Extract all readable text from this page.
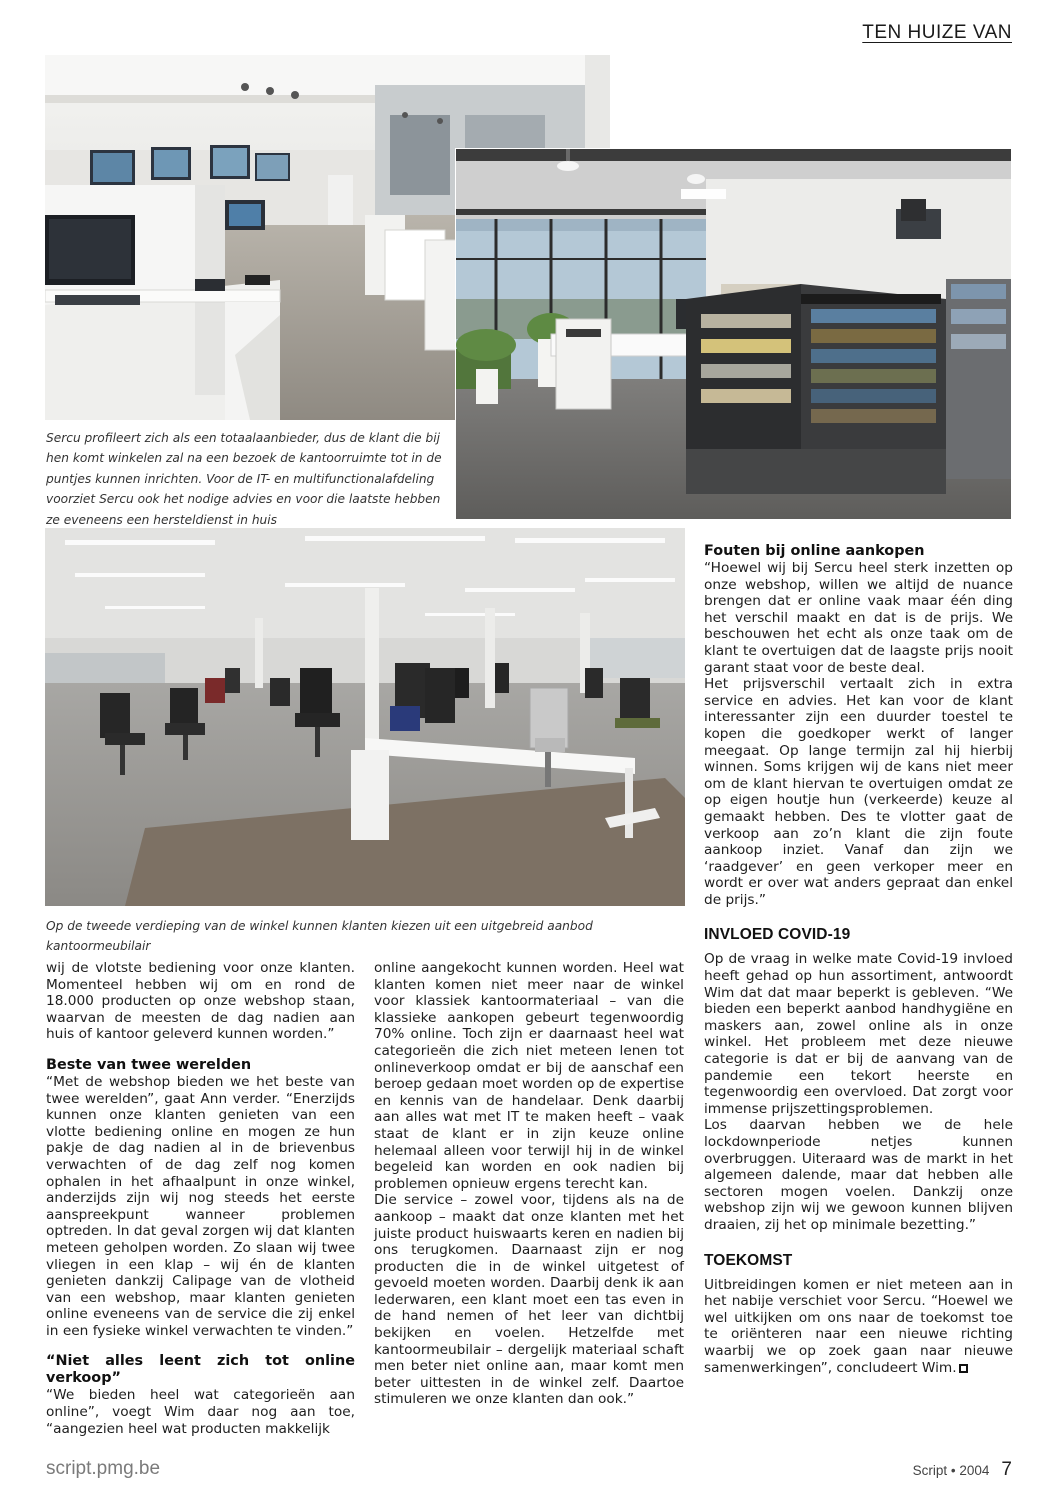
TEN HUIZE VAN
Sercu profileert zich als een totaalaanbieder, dus de klant die bij hen komt winkelen zal na een bezoek de kantoorruimte tot in de puntjes kunnen inrichten. Voor de IT- en multifunctionalafdeling voorziet Sercu ook het nodige advies en voor die laatste hebben ze eveneens een hersteldienst in huis
Op de tweede verdieping van de winkel kunnen klanten kiezen uit een uitgebreid aanbod kantoormeubilair

wij de vlotste bediening voor onze klanten. Momenteel hebben wij om en rond de 18.000 producten op onze webshop staan, waarvan de meesten de dag nadien aan huis of kantoor geleverd kunnen worden.”

Beste van twee werelden

“Met de webshop bieden we het beste van twee werelden”, gaat Ann verder. “Enerzijds kunnen onze klanten genieten van een vlotte bediening online en mogen ze hun pakje de dag nadien al in de brievenbus verwachten of de dag zelf nog komen ophalen in het afhaalpunt in onze winkel, anderzijds zijn wij nog steeds het eerste aanspreekpunt wanneer problemen optreden. In dat geval zorgen wij dat klanten meteen geholpen worden. Zo slaan wij twee vliegen in een klap – wij én de klanten genieten dankzij Calipage van de vlotheid van een webshop, maar klanten genieten online eveneens van de service die zij enkel in een fysieke winkel verwachten te vinden.”

“Niet alles leent zich tot online verkoop”

“We bieden heel wat categorieën aan online”, voegt Wim daar nog aan toe, “aangezien heel wat producten makkelijk

online aangekocht kunnen worden. Heel wat klanten komen niet meer naar de winkel voor klassiek kantoormateriaal – van die klassieke aankopen gebeurt tegenwoordig 70% online. Toch zijn er daarnaast heel wat categorieën die zich niet meteen lenen tot onlineverkoop omdat er bij de aanschaf een beroep gedaan moet worden op de expertise en kennis van de handelaar. Denk daarbij aan alles wat met IT te maken heeft – vaak staat de klant er in zijn keuze online helemaal alleen voor terwijl hij in de winkel begeleid kan worden en ook nadien bij problemen opnieuw ergens terecht kan.

Die service – zowel voor, tijdens als na de aankoop – maakt dat onze klanten met het juiste product huiswaarts keren en nadien bij ons terugkomen. Daarnaast zijn er nog producten die in de winkel uitgetest of gevoeld moeten worden. Daarbij denk ik aan lederwaren, een klant moet een tas even in de hand nemen of het leer van dichtbij bekijken en voelen. Hetzelfde met kantoormeubilair – dergelijk materiaal schaft men beter niet online aan, maar komt men beter uittesten in de winkel zelf. Daartoe stimuleren we onze klanten dan ook.”

Fouten bij online aankopen

“Hoewel wij bij Sercu heel sterk inzetten op onze webshop, willen we altijd de nuance brengen dat er online vaak maar één ding het verschil maakt en dat is de prijs. We beschouwen het echt als onze taak om de klant te overtuigen dat de laagste prijs nooit garant staat voor de beste deal.

Het prijsverschil vertaalt zich in extra service en advies. Het kan voor de klant interessanter zijn een duurder toestel te kopen die goedkoper werkt of langer meegaat. Op lange termijn zal hij hierbij winnen. Soms krijgen wij de kans niet meer om de klant hiervan te overtuigen omdat ze op eigen houtje hun (verkeerde) keuze al gemaakt hebben. Des te vlotter gaat de verkoop aan zo’n klant die zijn foute aankoop inziet. Vanaf dan zijn we ‘raadgever’ en geen verkoper meer en wordt er over wat anders gepraat dan enkel de prijs.”

INVLOED COVID-19

Op de vraag in welke mate Covid-19 invloed heeft gehad op hun assortiment, antwoordt Wim dat dat maar beperkt is gebleven. “We bieden een beperkt aanbod handhygiëne en maskers aan, zowel online als in onze winkel. Het probleem met deze nieuwe categorie is dat er bij de aanvang van de pandemie een tekort heerste en tegenwoordig een overvloed. Dat zorgt voor immense prijszettingsproblemen.

Los daarvan hebben we de hele lockdownperiode netjes kunnen overbruggen. Uiteraard was de markt in het algemeen dalende, maar dat hebben alle sectoren mogen voelen. Dankzij onze webshop zijn wij we gewoon kunnen blijven draaien, zij het op minimale bezetting.”

TOEKOMST

Uitbreidingen komen er niet meteen aan in het nabije verschiet voor Sercu. “Hoewel we wel uitkijken om ons naar de toekomst toe te oriënteren naar een nieuwe richting waarbij we op zoek gaan naar nieuwe samenwerkingen”, concludeert Wim.

script.pmg.be	Script • 2004 7
